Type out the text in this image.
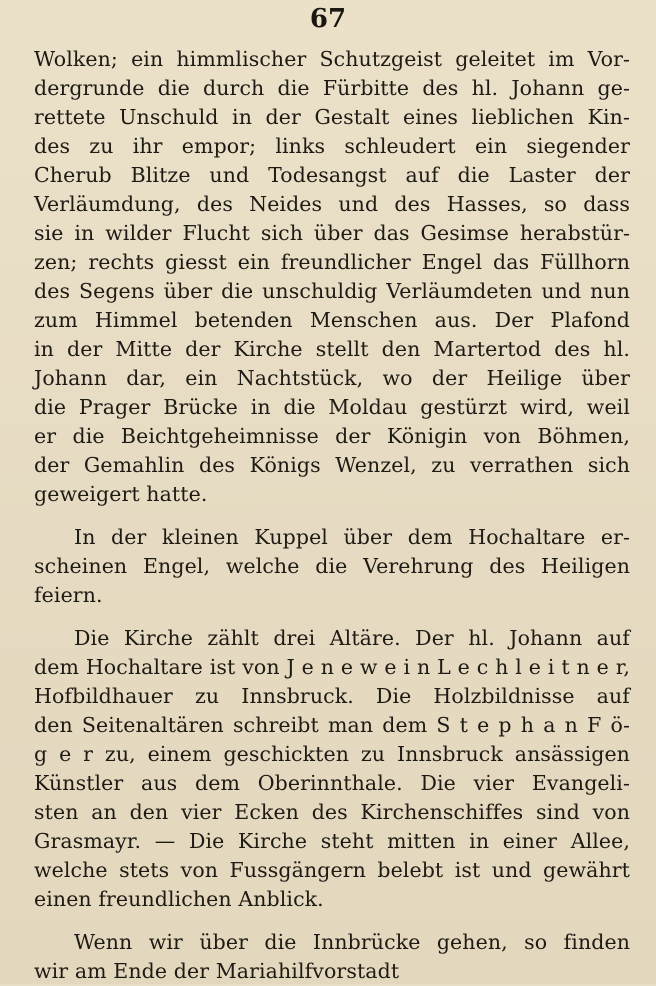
67

Wolken; ein himmlischer Schutzgeist geleitet im Vor-
dergrunde die durch die Fürbitte des hl. Johann ge-
rettete Unschuld in der Gestalt eines lieblichen Kin-
des zu ihr empor; links schleudert ein siegender
Cherub Blitze und Todesangst auf die Laster der
Verläumdung, des Neides und des Hasses, so dass
sie in wilder Flucht sich über das Gesimse herabstür-
zen; rechts giesst ein freundlicher Engel das Füllhorn
des Segens über die unschuldig Verläumdeten und nun
zum Himmel betenden Menschen aus. Der Plafond
in der Mitte der Kirche stellt den Martertod des hl.
Johann dar, ein Nachtstück, wo der Heilige über
die Prager Brücke in die Moldau gestürzt wird, weil
er die Beichtgeheimnisse der Königin von Böhmen,
der Gemahlin des Königs Wenzel, zu verrathen sich
geweigert hatte.

In der kleinen Kuppel über dem Hochaltare er-
scheinen Engel, welche die Verehrung des Heiligen
feiern.

Die Kirche zählt drei Altäre. Der hl. Johann auf
dem Hochaltare ist von J e n e w e i n L e c h l e i t n e r,
Hofbildhauer zu Innsbruck. Die Holzbildnisse auf
den Seitenaltären schreibt man dem S t e p h a n F ö-
g e r zu, einem geschickten zu Innsbruck ansässigen
Künstler aus dem Oberinnthale. Die vier Evangeli-
sten an den vier Ecken des Kirchenschiffes sind von
Grasmayr. — Die Kirche steht mitten in einer Allee,
welche stets von Fussgängern belebt ist und gewährt
einen freundlichen Anblick.

Wenn wir über die Innbrücke gehen, so finden
wir am Ende der Mariahilfvorstadt
